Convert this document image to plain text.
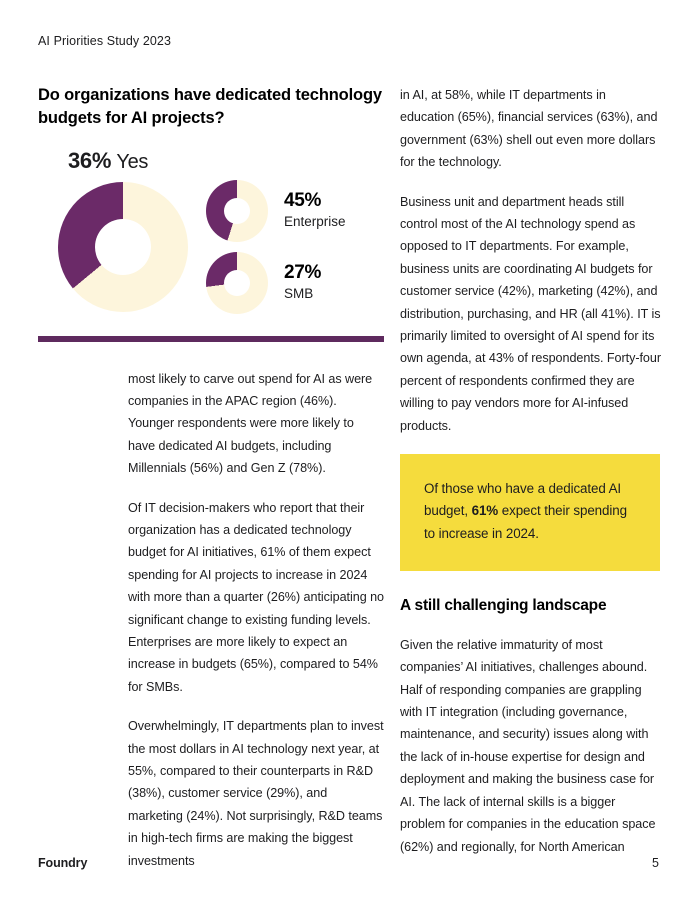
AI Priorities Study 2023
Do organizations have dedicated technology budgets for AI projects?
36% Yes
45%
Enterprise
27%
SMB

most likely to carve out spend for AI as were companies in the APAC region (46%). Younger respondents were more likely to have dedicated AI budgets, including Millennials (56%) and Gen Z (78%).

Of IT decision-makers who report that their organization has a dedicated technology budget for AI initiatives, 61% of them expect spending for AI projects to increase in 2024 with more than a quarter (26%) anticipating no significant change to existing funding levels. Enterprises are more likely to expect an increase in budgets (65%), compared to 54% for SMBs.

Overwhelmingly, IT departments plan to invest the most dollars in AI technology next year, at 55%, compared to their counterparts in R&D (38%), customer service (29%), and marketing (24%). Not surprisingly, R&D teams in high-tech firms are making the biggest investments

in AI, at 58%, while IT departments in education (65%), financial services (63%), and government (63%) shell out even more dollars for the technology.

Business unit and department heads still control most of the AI technology spend as opposed to IT departments. For example, business units are coordinating AI budgets for customer service (42%), marketing (42%), and distribution, purchasing, and HR (all 41%). IT is primarily limited to oversight of AI spend for its own agenda, at 43% of respondents. Forty-four percent of respondents confirmed they are willing to pay vendors more for AI-infused products.

Of those who have a dedicated AI budget, 61% expect their spending to increase in 2024.
A still challenging landscape

Given the relative immaturity of most companies’ AI initiatives, challenges abound. Half of responding companies are grappling with IT integration (including governance, maintenance, and security) issues along with the lack of in-house expertise for design and deployment and making the business case for AI. The lack of internal skills is a bigger problem for companies in the education space (62%) and regionally, for North American

Foundry	5
